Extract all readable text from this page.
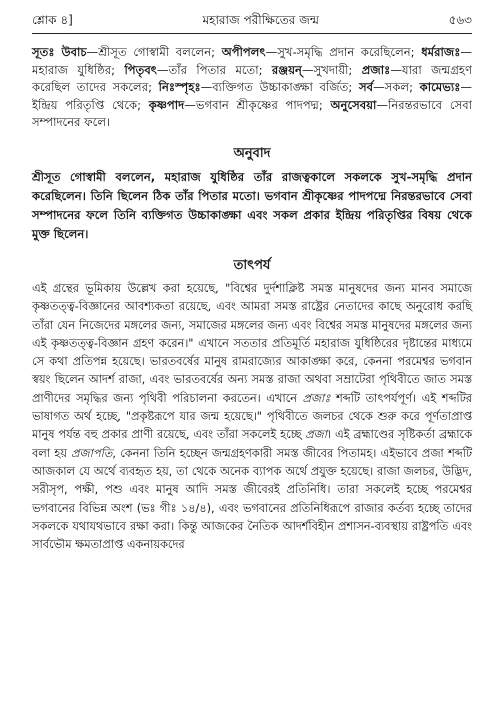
শ্লোক ৪]	মহারাজ পরীক্ষিতের জন্ম	৫৬৩
সূতঃ উবাচ—শ্রীসূত গোস্বামী বললেন; অপীপলৎ—সুখ-সমৃদ্ধি প্রদান করেছিলেন; ধর্মরাজঃ—মহারাজ যুধিষ্ঠির; পিতৃবৎ—তাঁর পিতার মতো; রঞ্জয়ন্—সুখদায়ী; প্রজাঃ—যারা জন্মগ্রহণ করেছিল তাদের সকলের; নিঃস্পৃহঃ—ব্যক্তিগত উচ্চাকাঙ্ক্ষা বর্জিত; সর্ব—সকল; কামেভ্যঃ—ইন্দ্রিয় পরিতৃপ্তি থেকে; কৃষ্ণপাদ—ভগবান শ্রীকৃষ্ণের পাদপদ্ম; অনুসেবয়া—নিরন্তরভাবে সেবা সম্পাদনের ফলে।
অনুবাদ
শ্রীসূত গোস্বামী বললেন, মহারাজ যুধিষ্ঠির তাঁর রাজত্বকালে সকলকে সুখ-সমৃদ্ধি প্রদান করেছিলেন। তিনি ছিলেন ঠিক তাঁর পিতার মতো। ভগবান শ্রীকৃষ্ণের পাদপদ্মে নিরন্তরভাবে সেবা সম্পাদনের ফলে তিনি ব্যক্তিগত উচ্চাকাঙ্ক্ষা এবং সকল প্রকার ইন্দ্রিয় পরিতৃপ্তির বিষয় থেকে মুক্ত ছিলেন।
তাৎপর্য

এই গ্রন্থের ভূমিকায় উল্লেখ করা হয়েছে, "বিশ্বের দুর্দশাক্লিষ্ট সমস্ত মানুষদের জন্য মানব সমাজে কৃষ্ণতত্ত্ব-বিজ্ঞানের আবশ্যকতা রয়েছে, এবং আমরা সমস্ত রাষ্ট্রের নেতাদের কাছে অনুরোধ করছি তাঁরা যেন নিজেদের মঙ্গলের জন্য, সমাজের মঙ্গলের জন্য এবং বিশ্বের সমস্ত মানুষদের মঙ্গলের জন্য এই কৃষ্ণতত্ত্ব-বিজ্ঞান গ্রহণ করেন।" এখানে সততার প্রতিমূর্তি মহারাজ যুধিষ্ঠিরের দৃষ্টান্তের মাধ্যমে সে কথা প্রতিপন্ন হয়েছে। ভারতবর্ষের মানুষ রামরাজ্যের আকাঙ্ক্ষা করে, কেননা পরমেশ্বর ভগবান স্বয়ং ছিলেন আদর্শ রাজা, এবং ভারতবর্ষের অন্য সমস্ত রাজা অথবা সম্রাটেরা পৃথিবীতে জাত সমস্ত প্রাণীদের সমৃদ্ধির জন্য পৃথিবী পরিচালনা করতেন। এখানে প্রজাঃ শব্দটি তাৎপর্যপূর্ণ। এই শব্দটির ভাষাগত অর্থ হচ্ছে, "প্রকৃষ্টরূপে যার জন্ম হয়েছে।" পৃথিবীতে জলচর থেকে শুরু করে পূর্ণতাপ্রাপ্ত মানুষ পর্যন্ত বহু প্রকার প্রাণী রয়েছে, এবং তাঁরা সকলেই হচ্ছে প্রজা। এই ব্রহ্মাণ্ডের সৃষ্টিকর্তা ব্রহ্মাকে বলা হয় প্রজাপতি, কেননা তিনি হচ্ছেন জন্মগ্রহণকারী সমস্ত জীবের পিতামহ। এইভাবে প্রজা শব্দটি আজকাল যে অর্থে ব্যবহৃত হয়, তা থেকে অনেক ব্যাপক অর্থে প্রযুক্ত হয়েছে। রাজা জলচর, উদ্ভিদ, সরীসৃপ, পক্ষী, পশু এবং মানুষ আদি সমস্ত জীবেরই প্রতিনিধি। তারা সকলেই হচ্ছে পরমেশ্বর ভগবানের বিভিন্ন অংশ (ভঃ গীঃ ১৪/৪), এবং ভগবানের প্রতিনিধিরূপে রাজার কর্তব্য হচ্ছে তাদের সকলকে যথাযথভাবে রক্ষা করা। কিন্তু আজকের নৈতিক আদর্শবিহীন প্রশাসন-ব্যবস্থায় রাষ্ট্রপতি এবং সার্বভৌম ক্ষমতাপ্রাপ্ত একনায়কদের
